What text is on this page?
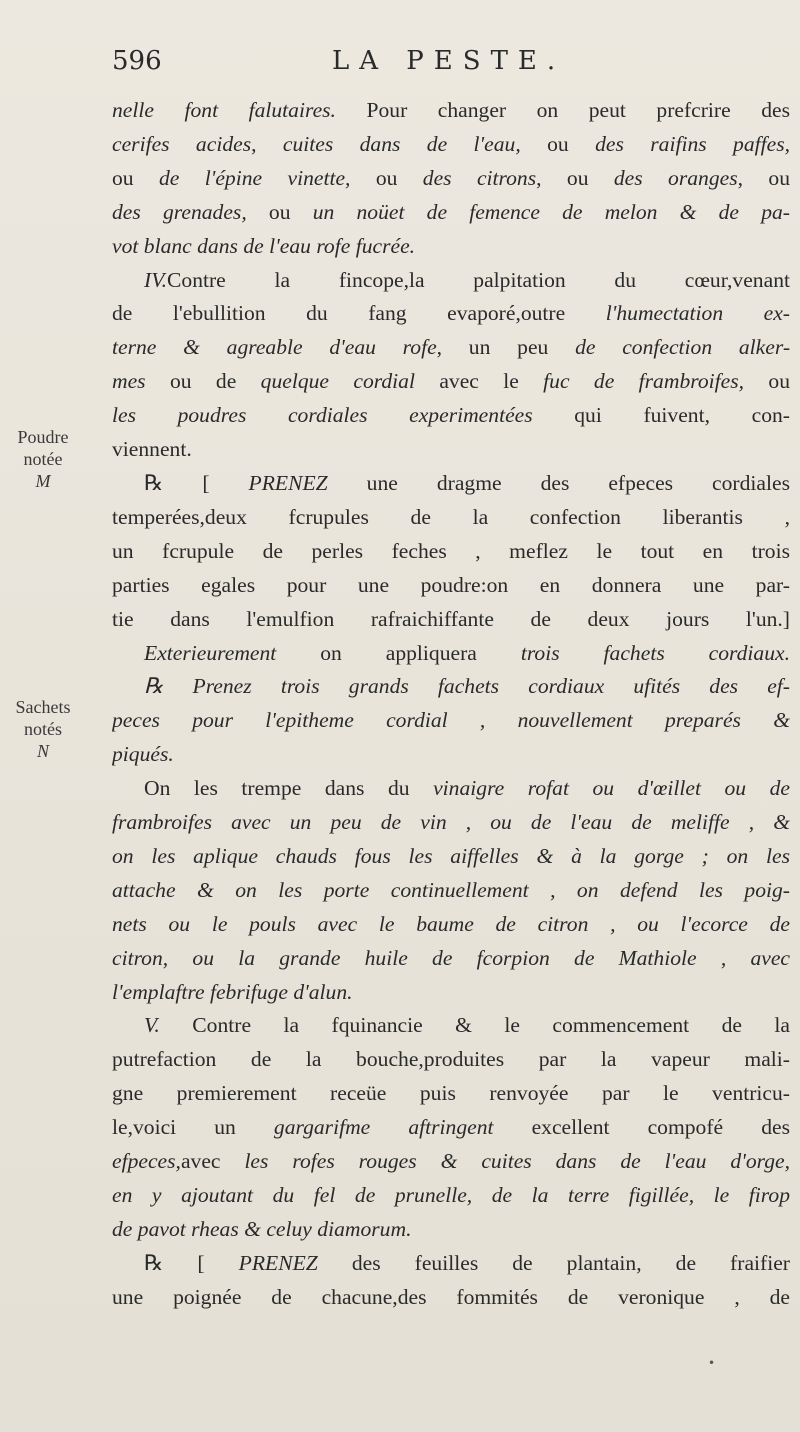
596	LA PESTE.
Poudre
notée
M
Sachets
notés
N
nelle font falutaires. Pour changer on peut prefcrire des
cerifes acides, cuites dans de l'eau, ou des raifins paffes,
ou de l'épine vinette, ou des citrons, ou des oranges, ou
des grenades, ou un noüet de femence de melon & de pa-
vot blanc dans de l'eau rofe fucrée.
IV.Contre la fincope,la palpitation du cœur,venant
de l'ebullition du fang evaporé,outre l'humectation ex-
terne & agreable d'eau rofe, un peu de confection alker-
mes ou de quelque cordial avec le fuc de frambroifes, ou
les poudres cordiales experimentées qui fuivent, con-
viennent.
℞ [ PRENEZ une dragme des efpeces cordiales
temperées,deux fcrupules de la confection liberantis ,
un fcrupule de perles feches , meflez le tout en trois
parties egales pour une poudre:on en donnera une par-
tie dans l'emulfion rafraichiffante de deux jours l'un.]
Exterieurement on appliquera trois fachets cordiaux.
℞ Prenez trois grands fachets cordiaux ufités des ef-
peces pour l'epitheme cordial , nouvellement preparés &
piqués.
On les trempe dans du vinaigre rofat ou d'œillet ou de
frambroifes avec un peu de vin , ou de l'eau de meliffe , &
on les aplique chauds fous les aiffelles & à la gorge ; on les
attache & on les porte continuellement , on defend les poig-
nets ou le pouls avec le baume de citron , ou l'ecorce de
citron, ou la grande huile de fcorpion de Mathiole , avec
l'emplaftre febrifuge d'alun.
V. Contre la fquinancie & le commencement de la
putrefaction de la bouche,produites par la vapeur mali-
gne premierement receüe puis renvoyée par le ventricu-
le,voici un gargarifme aftringent excellent compofé des
efpeces,avec les rofes rouges & cuites dans de l'eau d'orge,
en y ajoutant du fel de prunelle, de la terre figillée, le firop
de pavot rheas & celuy diamorum.
℞ [ PRENEZ des feuilles de plantain, de fraifier
une poignée de chacune,des fommités de veronique , de
•
